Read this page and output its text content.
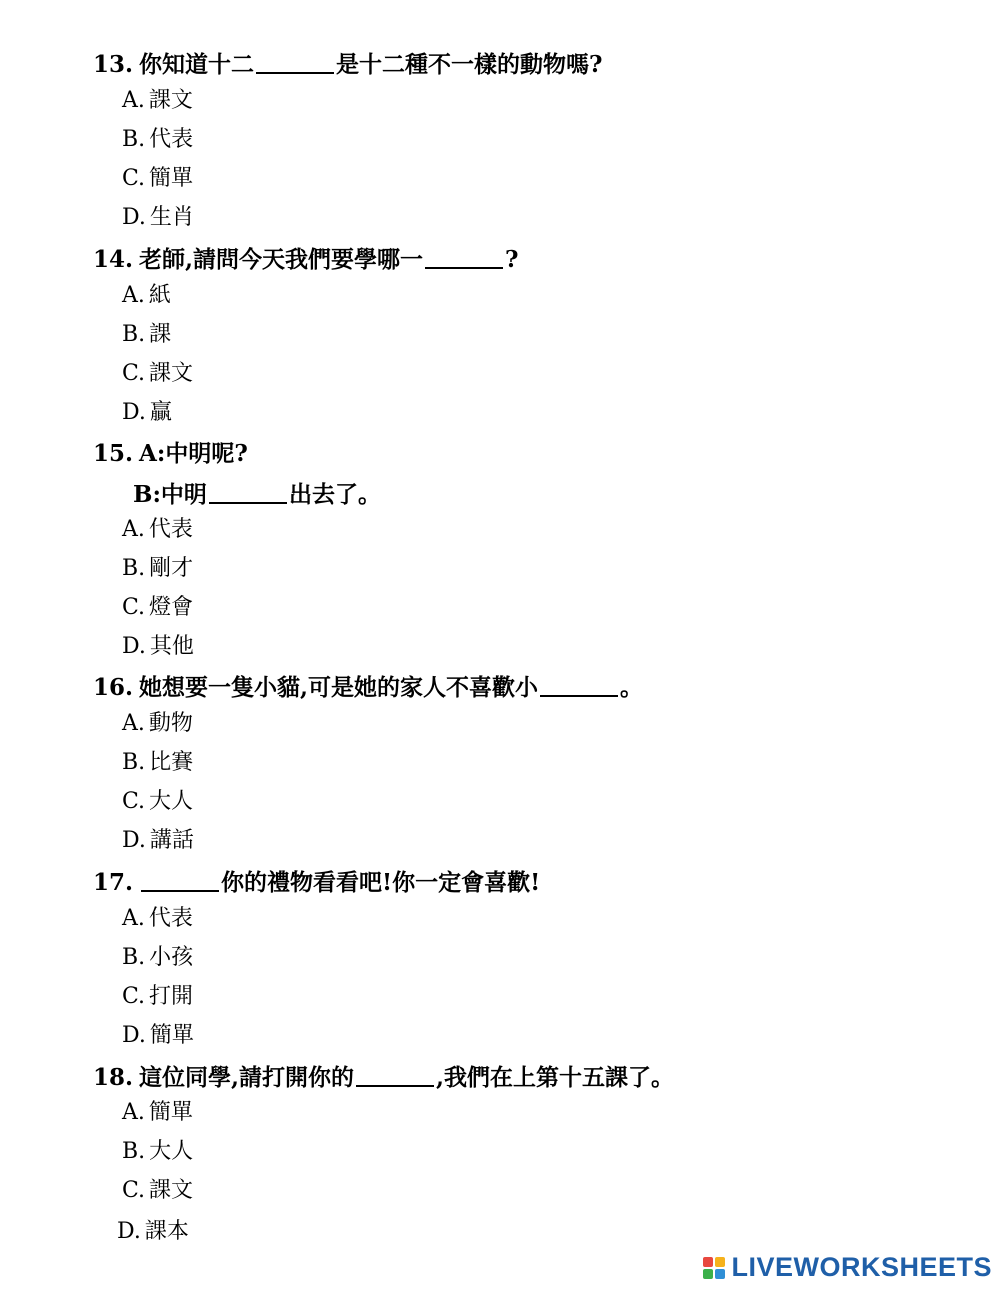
13. 你知道十二	是十二種不一樣的動物嗎?
A. 課文
B. 代表
C. 簡單
D. 生肖
14. 老師,請問今天我們要學哪一	?
A. 紙
B. 課
C. 課文
D. 贏
15. A:中明呢?
B:中明	出去了。
A. 代表
B. 剛才
C. 燈會
D. 其他
16. 她想要一隻小貓,可是她的家人不喜歡小	。
A. 動物
B. 比賽
C. 大人
D. 講話
17.	你的禮物看看吧!你一定會喜歡!
A. 代表
B. 小孩
C. 打開
D. 簡單
18. 這位同學,請打開你的	,我們在上第十五課了。
A. 簡單
B. 大人
C. 課文
D. 課本
LIVEWORKSHEETS
